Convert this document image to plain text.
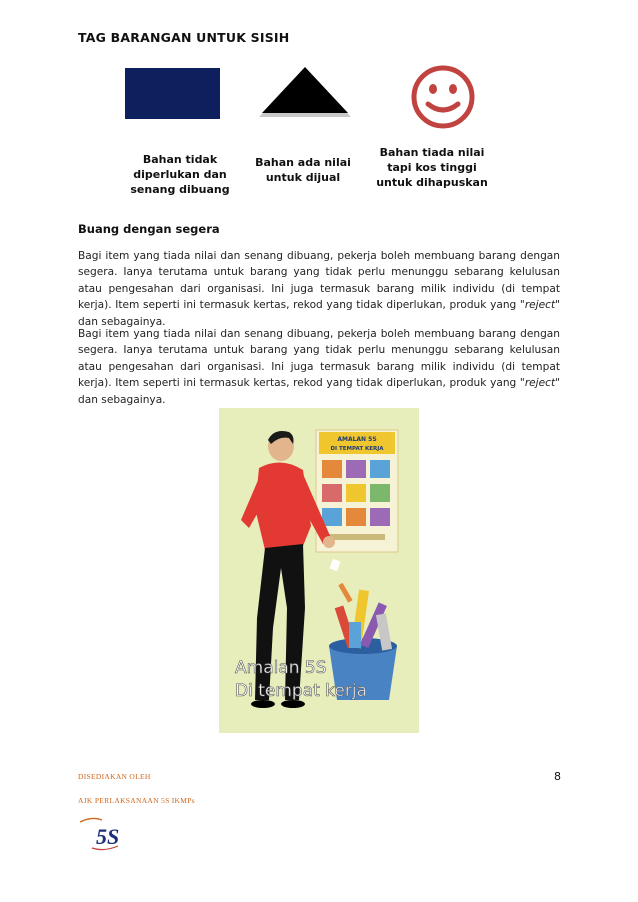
TAG BARANGAN UNTUK SISIH
Bahan tidak diperlukan dan senang dibuang
Bahan ada nilai untuk dijual
Bahan tiada nilai tapi kos tinggi untuk dihapuskan
Buang dengan segera

Bagi item yang tiada nilai dan senang dibuang, pekerja boleh membuang barang dengan segera. Ianya terutama untuk barang yang tidak perlu menunggu sebarang kelulusan atau pengesahan dari organisasi. Ini juga termasuk barang milik individu (di tempat kerja). Item seperti ini termasuk kertas, rekod yang tidak diperlukan, produk yang "reject" dan sebagainya.

Bagi item yang tiada nilai dan senang dibuang, pekerja boleh membuang barang dengan segera. Ianya terutama untuk barang yang tidak perlu menunggu sebarang kelulusan atau pengesahan dari organisasi. Ini juga termasuk barang milik individu (di tempat kerja). Item seperti ini termasuk kertas, rekod yang tidak diperlukan, produk yang "reject" dan sebagainya.

AMALAN 5S
DI TEMPAT KERJA
Amalan 5S
Di tempat kerja
DISEDIAKAN OLEH
AJK PERLAKSANAAN 5S IKMPs
8
5S
